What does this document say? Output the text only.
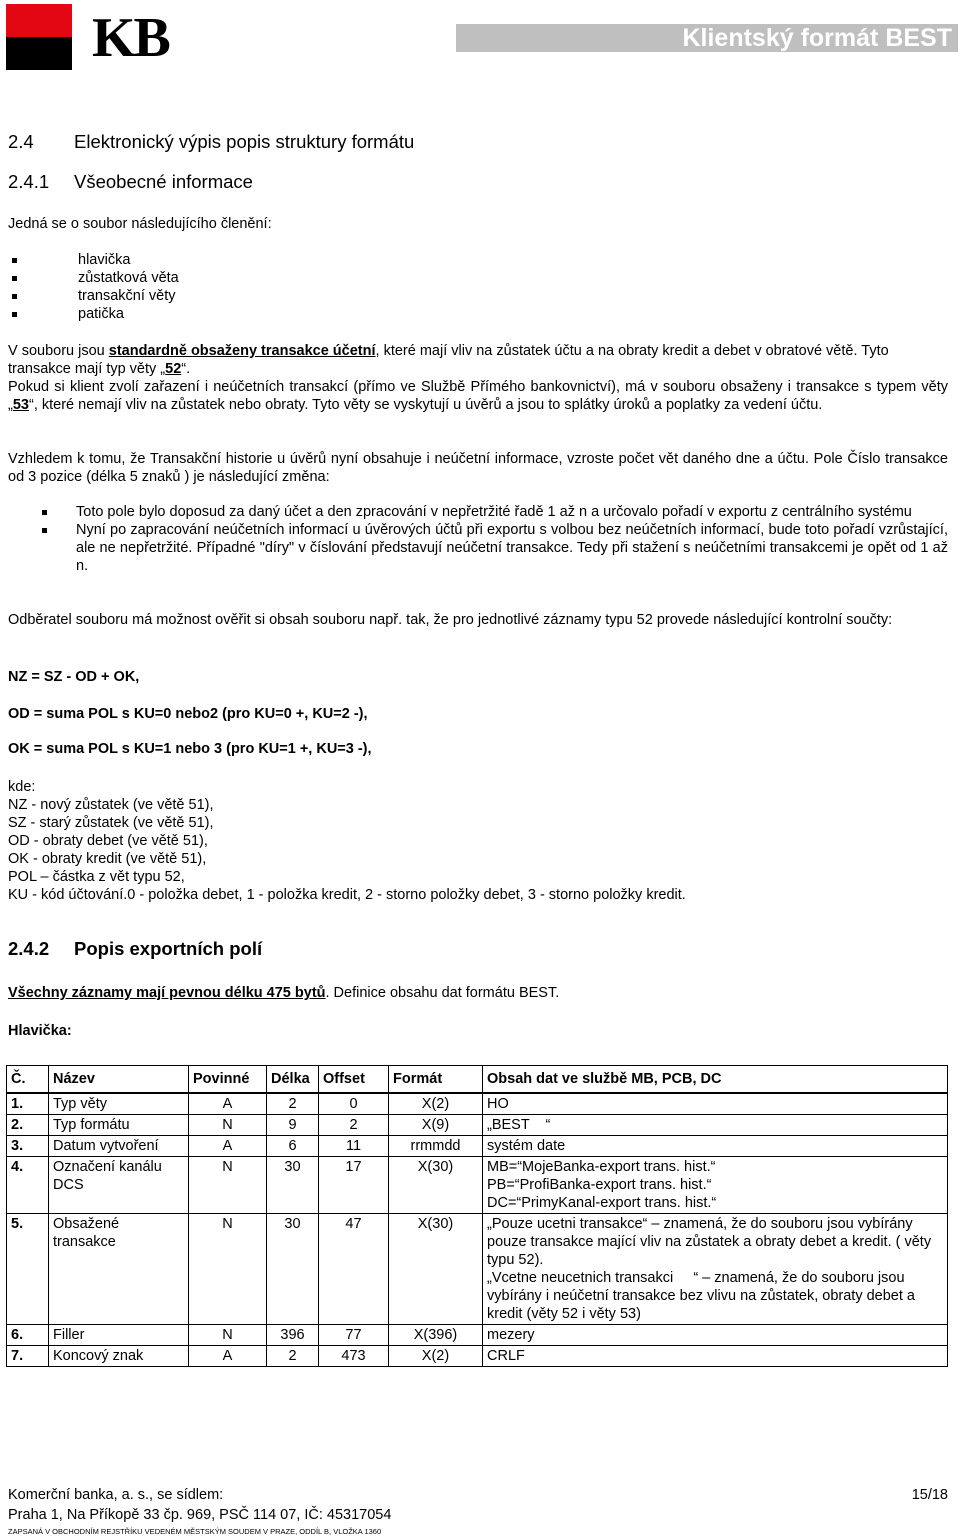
KB	Klientský formát BEST
2.4 Elektronický výpis popis struktury formátu
2.4.1 Všeobecné informace

Jedná se o soubor následujícího členění:

hlavička
zůstatková věta
transakční věty
patička

V souboru jsou standardně obsaženy transakce účetní, které mají vliv na zůstatek účtu a na obraty kredit a debet v obratové větě. Tyto transakce mají typ věty „52“.

Pokud si klient zvolí zařazení i neúčetních transakcí (přímo ve Službě Přímého bankovnictví), má v souboru obsaženy i transakce s typem věty „53“, které nemají vliv na zůstatek nebo obraty. Tyto věty se vyskytují u úvěrů a jsou to splátky úroků a poplatky za vedení účtu.

Vzhledem k tomu, že Transakční historie u úvěrů nyní obsahuje i neúčetní informace, vzroste počet vět daného dne a účtu. Pole Číslo transakce od 3 pozice (délka 5 znaků ) je následující změna:

Toto pole bylo doposud za daný účet a den zpracování v nepřetržité řadě 1 až n a určovalo pořadí v exportu z centrálního systému
Nyní po zapracování neúčetních informací u úvěrových účtů při exportu s volbou bez neúčetních informací, bude toto pořadí vzrůstající, ale ne nepřetržité. Případné "díry" v číslování představují neúčetní transakce. Tedy při stažení s neúčetními transakcemi je opět od 1 až n.

Odběratel souboru má možnost ověřit si obsah souboru např. tak, že pro jednotlivé záznamy typu 52 provede následující kontrolní součty:

NZ = SZ - OD + OK,

OD = suma POL s KU=0 nebo2 (pro KU=0 +, KU=2 -),

OK = suma POL s KU=1 nebo 3 (pro KU=1 +, KU=3 -),

kde:

NZ - nový zůstatek (ve větě 51),
SZ - starý zůstatek (ve větě 51),
OD - obraty debet (ve větě 51),
OK - obraty kredit (ve větě 51),
POL – částka z vět typu 52,
KU - kód účtování.0 - položka debet, 1 - položka kredit, 2 - storno položky debet, 3 - storno položky kredit.
2.4.2 Popis exportních polí

Všechny záznamy mají pevnou délku 475 bytů. Definice obsahu dat formátu BEST.

Hlavička:

Č.	Název	Povinné	Délka	Offset	Formát	Obsah dat ve službě MB, PCB, DC
1.	Typ věty	A	2	0	X(2)	HO
2.	Typ formátu	N	9	2	X(9)	„BEST    “
3.	Datum vytvoření	A	6	11	rrmmdd	systém date
4.	Označení kanálu DCS	N	30	17	X(30)	MB=“MojeBanka-export trans. hist.“
PB=“ProfiBanka-export trans. hist.“
DC=“PrimyKanal-export trans. hist.“

5.	Obsažené transakce	N	30	47	X(30)	„Pouze ucetni transakce“ – znamená, že do souboru jsou vybírány pouze transakce mající vliv na zůstatek a obraty debet a kredit. ( věty typu 52).
„Vcetne neucetnich transakci     “ – znamená, že do souboru jsou vybírány i neúčetní transakce bez vlivu na zůstatek, obraty debet a kredit (věty 52 i věty 53)

6.	Filler	N	396	77	X(396)	mezery
7.	Koncový znak	A	2	473	X(2)	CRLF
Komerční banka, a. s., se sídlem:	15/18
Praha 1, Na Příkopě 33 čp. 969, PSČ 114 07, IČ: 45317054
ZAPSANÁ V OBCHODNÍM REJSTŘÍKU VEDENÉM MĚSTSKÝM SOUDEM V PRAZE, ODDÍL B, VLOŽKA 1360
